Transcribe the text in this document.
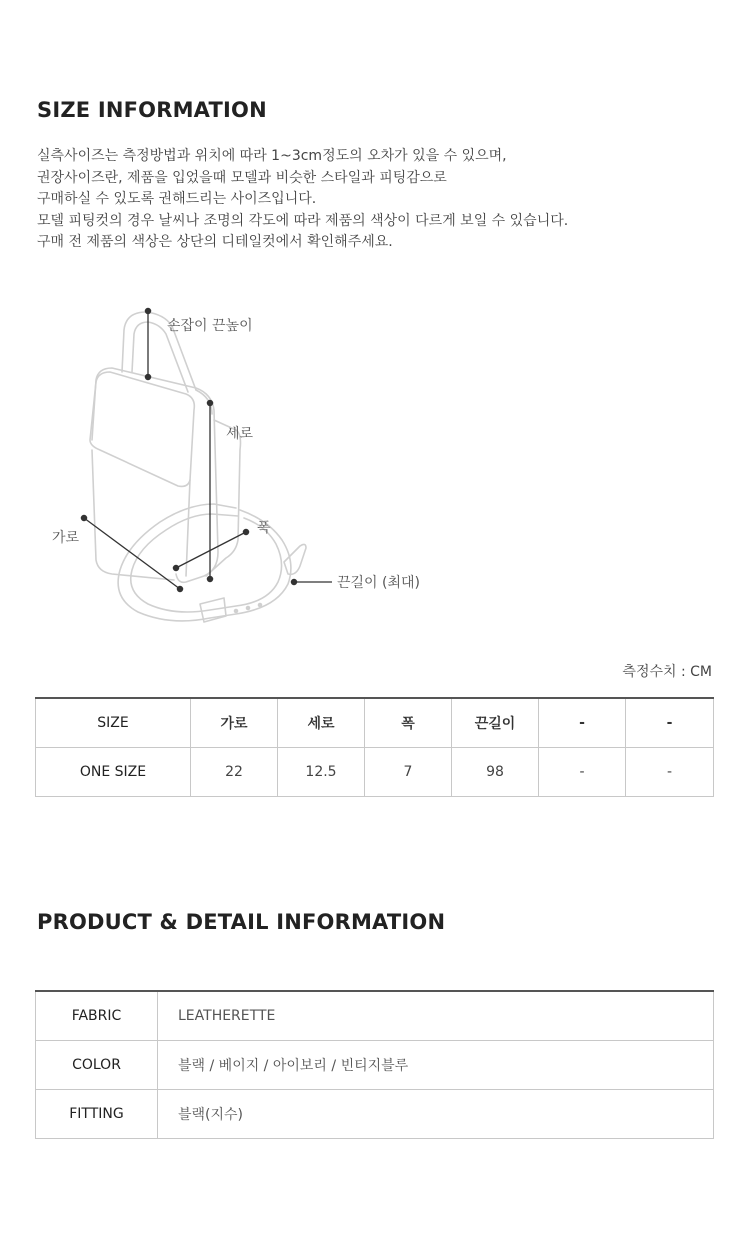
SIZE INFORMATION
실측사이즈는 측정방법과 위치에 따라 1~3cm정도의 오차가 있을 수 있으며,
권장사이즈란, 제품을 입었을때 모델과 비슷한 스타일과 피팅감으로
구매하실 수 있도록 권해드리는 사이즈입니다.
모델 피팅컷의 경우 날씨나 조명의 각도에 따라 제품의 색상이 다르게 보일 수 있습니다.
구매 전 제품의 색상은 상단의 디테일컷에서 확인해주세요.
손잡이 끈높이
세로
폭
가로
끈길이 (최대)
측정수치 : CM
SIZE	가로	세로	폭	끈길이	-	-
ONE SIZE	22	12.5	7	98	-	-
PRODUCT & DETAIL INFORMATION
FABRIC	LEATHERETTE
COLOR	블랙 / 베이지 / 아이보리 / 빈티지블루
FITTING	블랙(지수)
